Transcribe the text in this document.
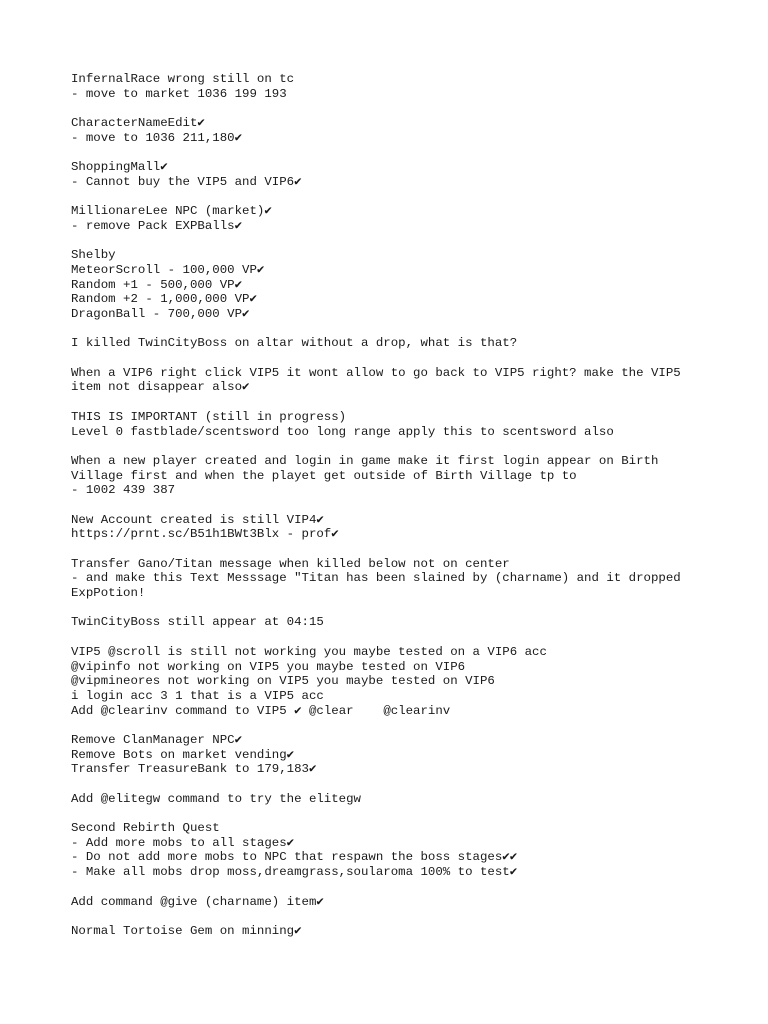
InfernalRace wrong still on tc
- move to market 1036 199 193
CharacterNameEdit✔
- move to 1036 211,180✔
ShoppingMall✔
- Cannot buy the VIP5 and VIP6✔
MillionareLee NPC (market)✔
- remove Pack EXPBalls✔
Shelby
MeteorScroll - 100,000 VP✔
Random +1 - 500,000 VP✔
Random +2 - 1,000,000 VP✔
DragonBall - 700,000 VP✔
I killed TwinCityBoss on altar without a drop, what is that?
When a VIP6 right click VIP5 it wont allow to go back to VIP5 right? make the VIP5
item not disappear also✔
THIS IS IMPORTANT (still in progress)
Level 0 fastblade/scentsword too long range apply this to scentsword also
When a new player created and login in game make it first login appear on Birth
Village first and when the playet get outside of Birth Village tp to
- 1002 439 387
New Account created is still VIP4✔
https://prnt.sc/B51h1BWt3Blx - prof✔
Transfer Gano/Titan message when killed below not on center
- and make this Text Messsage "Titan has been slained by (charname) and it dropped
ExpPotion!
TwinCityBoss still appear at 04:15
VIP5 @scroll is still not working you maybe tested on a VIP6 acc
@vipinfo not working on VIP5 you maybe tested on VIP6
@vipmineores not working on VIP5 you maybe tested on VIP6
i login acc 3 1 that is a VIP5 acc
Add @clearinv command to VIP5 ✔ @clear    @clearinv
Remove ClanManager NPC✔
Remove Bots on market vending✔
Transfer TreasureBank to 179,183✔
Add @elitegw command to try the elitegw
Second Rebirth Quest
- Add more mobs to all stages✔
- Do not add more mobs to NPC that respawn the boss stages✔✔
- Make all mobs drop moss,dreamgrass,soularoma 100% to test✔
Add command @give (charname) item✔
Normal Tortoise Gem on minning✔
